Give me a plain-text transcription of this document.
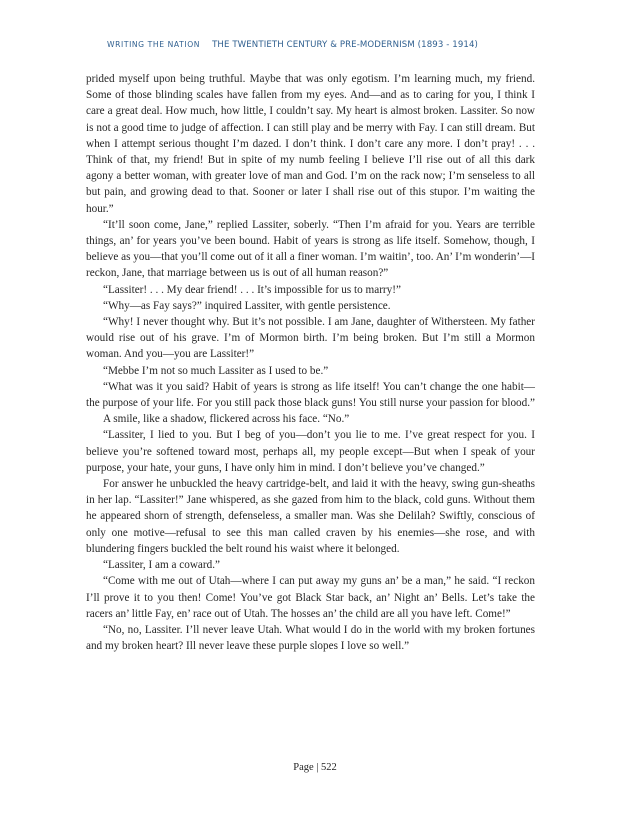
WRITING THE NATION THE TWENTIETH CENTURY & PRE-MODERNISM (1893 - 1914)

prided myself upon being truthful. Maybe that was only egotism. I’m learning much, my friend. Some of those blinding scales have fallen from my eyes. And—and as to caring for you, I think I care a great deal. How much, how little, I couldn’t say. My heart is almost broken. Lassiter. So now is not a good time to judge of affection. I can still play and be merry with Fay. I can still dream. But when I attempt serious thought I’m dazed. I don’t think. I don’t care any more. I don’t pray! . . . Think of that, my friend! But in spite of my numb feeling I believe I’ll rise out of all this dark agony a better woman, with greater love of man and God. I’m on the rack now; I’m senseless to all but pain, and growing dead to that. Sooner or later I shall rise out of this stupor. I’m waiting the hour.”

“It’ll soon come, Jane,” replied Lassiter, soberly. “Then I’m afraid for you. Years are terrible things, an’ for years you’ve been bound. Habit of years is strong as life itself. Somehow, though, I believe as you—that you’ll come out of it all a finer woman. I’m waitin’, too. An’ I’m wonderin’—I reckon, Jane, that marriage between us is out of all human reason?”

“Lassiter! . . . My dear friend! . . . It’s impossible for us to marry!”

“Why—as Fay says?” inquired Lassiter, with gentle persistence.

“Why! I never thought why. But it’s not possible. I am Jane, daughter of Withersteen. My father would rise out of his grave. I’m of Mormon birth. I’m being broken. But I’m still a Mormon woman. And you—you are Lassiter!”

“Mebbe I’m not so much Lassiter as I used to be.”

“What was it you said? Habit of years is strong as life itself! You can’t change the one habit—the purpose of your life. For you still pack those black guns! You still nurse your passion for blood.”

A smile, like a shadow, flickered across his face. “No.”

“Lassiter, I lied to you. But I beg of you—don’t you lie to me. I’ve great respect for you. I believe you’re softened toward most, perhaps all, my people except—But when I speak of your purpose, your hate, your guns, I have only him in mind. I don’t believe you’ve changed.”

For answer he unbuckled the heavy cartridge-belt, and laid it with the heavy, swing gun-sheaths in her lap. “Lassiter!” Jane whispered, as she gazed from him to the black, cold guns. Without them he appeared shorn of strength, defenseless, a smaller man. Was she Delilah? Swiftly, conscious of only one motive—refusal to see this man called craven by his enemies—she rose, and with blundering fingers buckled the belt round his waist where it belonged.

“Lassiter, I am a coward.”

“Come with me out of Utah—where I can put away my guns an’ be a man,” he said. “I reckon I’ll prove it to you then! Come! You’ve got Black Star back, an’ Night an’ Bells. Let’s take the racers an’ little Fay, en’ race out of Utah. The hosses an’ the child are all you have left. Come!”

“No, no, Lassiter. I’ll never leave Utah. What would I do in the world with my broken fortunes and my broken heart? Ill never leave these purple slopes I love so well.”

Page | 522
